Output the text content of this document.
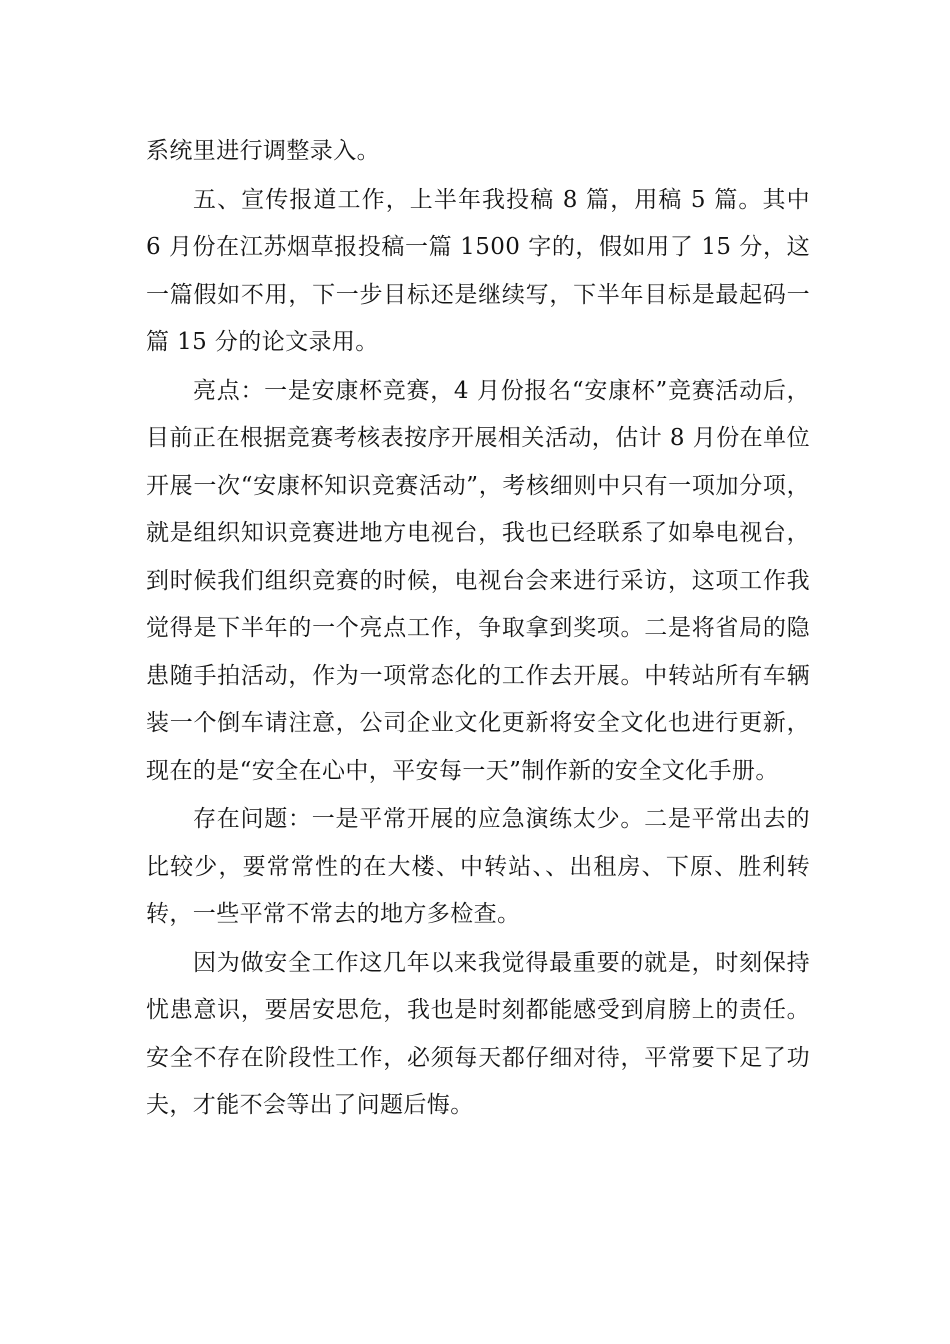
系统里进行调整录入。

五、宣传报道工作，上半年我投稿 8 篇，用稿 5 篇。其中 6 月份在江苏烟草报投稿一篇 1500 字的，假如用了 15 分，这一篇假如不用，下一步目标还是继续写，下半年目标是最起码一篇 15 分的论文录用。

亮点：一是安康杯竞赛，4 月份报名“安康杯”竞赛活动后，目前正在根据竞赛考核表按序开展相关活动，估计 8 月份在单位开展一次“安康杯知识竞赛活动”，考核细则中只有一项加分项，就是组织知识竞赛进地方电视台，我也已经联系了如皋电视台，到时候我们组织竞赛的时候，电视台会来进行采访，这项工作我觉得是下半年的一个亮点工作，争取拿到奖项。二是将省局的隐患随手拍活动，作为一项常态化的工作去开展。中转站所有车辆装一个倒车请注意，公司企业文化更新将安全文化也进行更新，现在的是“安全在心中，平安每一天”制作新的安全文化手册。

存在问题：一是平常开展的应急演练太少。二是平常出去的比较少，要常常性的在大楼、中转站、、出租房、下原、胜利转转，一些平常不常去的地方多检查。

因为做安全工作这几年以来我觉得最重要的就是，时刻保持忧患意识，要居安思危，我也是时刻都能感受到肩膀上的责任。安全不存在阶段性工作，必须每天都仔细对待，平常要下足了功夫，才能不会等出了问题后悔。
